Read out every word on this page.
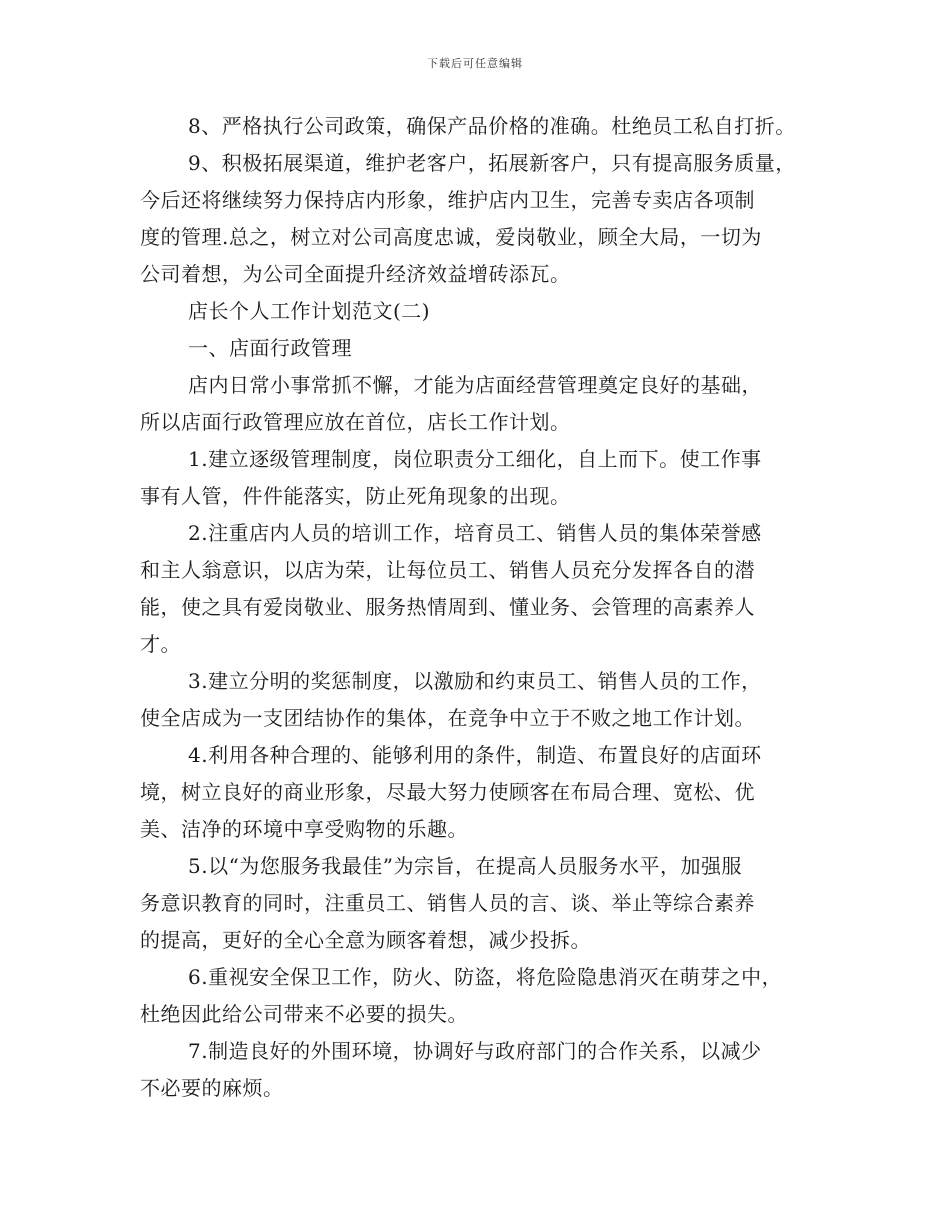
下载后可任意编辑
8、严格执行公司政策，确保产品价格的准确。杜绝员工私自打折。
9、积极拓展渠道，维护老客户，拓展新客户，只有提高服务质量，
今后还将继续努力保持店内形象，维护店内卫生，完善专卖店各项制
度的管理.总之，树立对公司高度忠诚，爱岗敬业，顾全大局，一切为
公司着想，为公司全面提升经济效益增砖添瓦。
店长个人工作计划范文(二)
一、店面行政管理
店内日常小事常抓不懈，才能为店面经营管理奠定良好的基础，
所以店面行政管理应放在首位，店长工作计划。
1.建立逐级管理制度，岗位职责分工细化，自上而下。使工作事
事有人管，件件能落实，防止死角现象的出现。
2.注重店内人员的培训工作，培育员工、销售人员的集体荣誉感
和主人翁意识，以店为荣，让每位员工、销售人员充分发挥各自的潜
能，使之具有爱岗敬业、服务热情周到、懂业务、会管理的高素养人
才。
3.建立分明的奖惩制度，以激励和约束员工、销售人员的工作，
使全店成为一支团结协作的集体，在竞争中立于不败之地工作计划。
4.利用各种合理的、能够利用的条件，制造、布置良好的店面环
境，树立良好的商业形象，尽最大努力使顾客在布局合理、宽松、优
美、洁净的环境中享受购物的乐趣。
5.以“为您服务我最佳”为宗旨，在提高人员服务水平，加强服
务意识教育的同时，注重员工、销售人员的言、谈、举止等综合素养
的提高，更好的全心全意为顾客着想，减少投拆。
6.重视安全保卫工作，防火、防盗，将危险隐患消灭在萌芽之中，
杜绝因此给公司带来不必要的损失。
7.制造良好的外围环境，协调好与政府部门的合作关系，以减少
不必要的麻烦。
